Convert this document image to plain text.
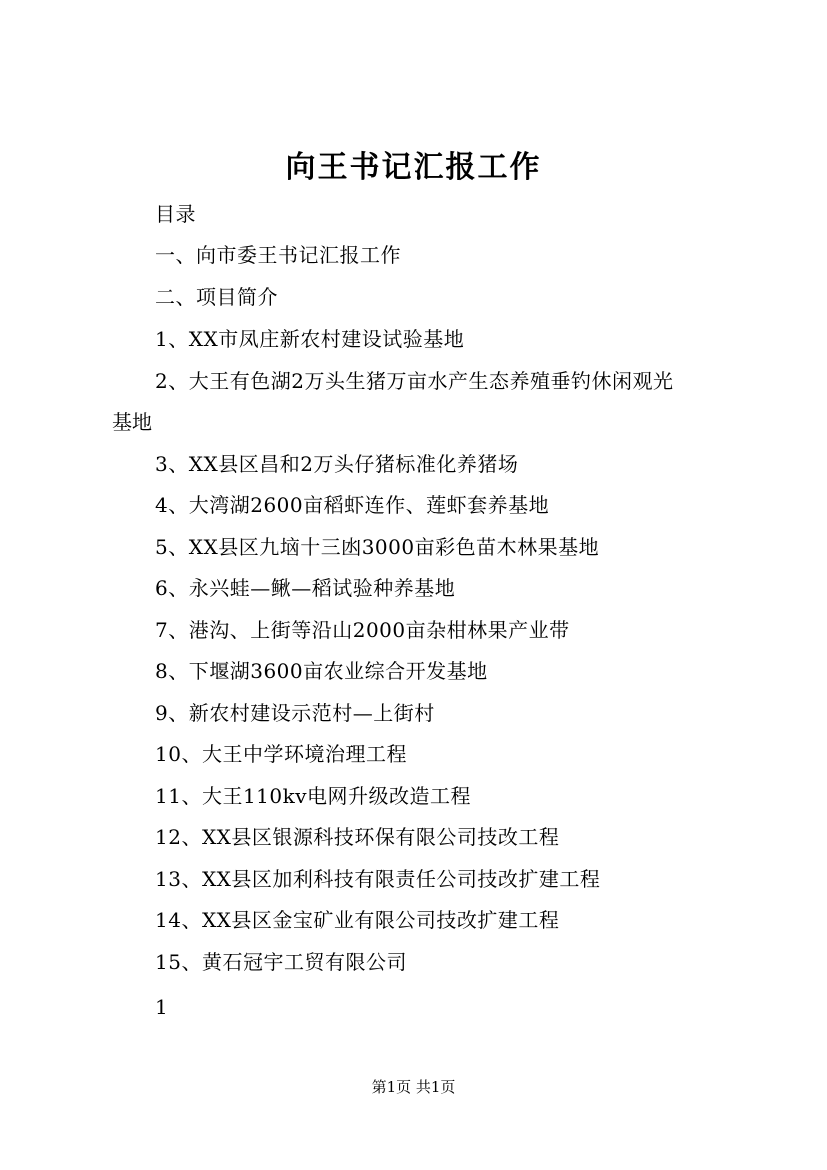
向王书记汇报工作
目录
一、向市委王书记汇报工作
二、项目简介
1、XX市凤庄新农村建设试验基地
2、大王有色湖2万头生猪万亩水产生态养殖垂钓休闲观光
基地
3、XX县区昌和2万头仔猪标准化养猪场
4、大湾湖2600亩稻虾连作、莲虾套养基地
5、XX县区九垴十三凼3000亩彩色苗木林果基地
6、永兴蛙—鳅—稻试验种养基地
7、港沟、上街等沿山2000亩杂柑林果产业带
8、下堰湖3600亩农业综合开发基地
9、新农村建设示范村—上街村
10、大王中学环境治理工程
11、大王110kv电网升级改造工程
12、XX县区银源科技环保有限公司技改工程
13、XX县区加利科技有限责任公司技改扩建工程
14、XX县区金宝矿业有限公司技改扩建工程
15、黄石冠宇工贸有限公司
1
第1页 共1页
